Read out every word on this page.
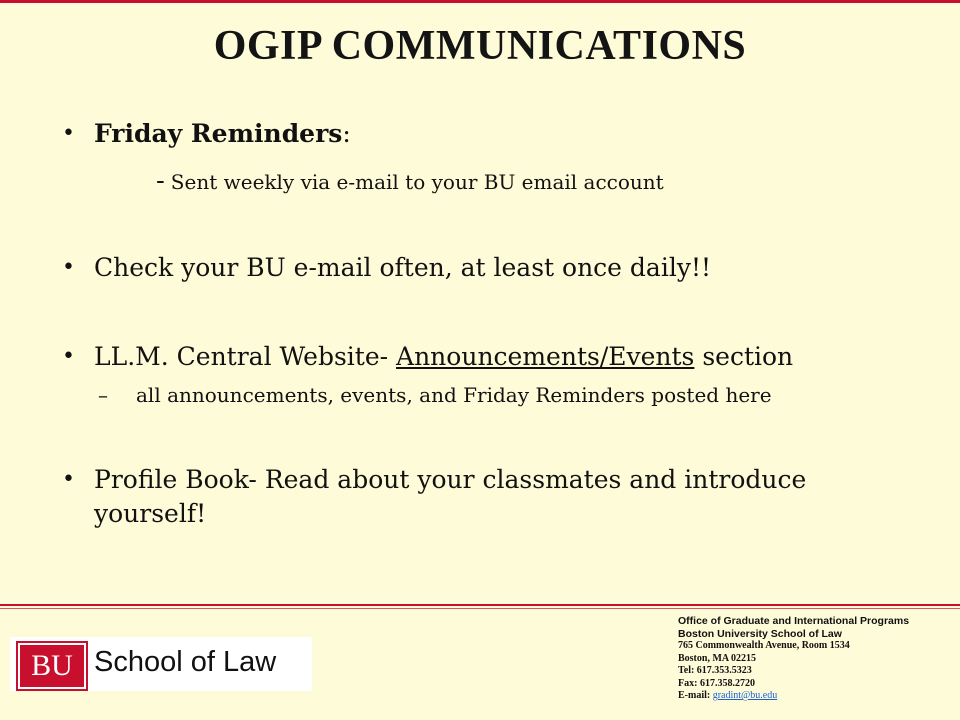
OGIP COMMUNICATIONS
• Friday Reminders:
- Sent weekly via e-mail to your BU email account
• Check your BU e-mail often, at least once daily!!
• LL.M. Central Website- Announcements/Events section
– all announcements, events, and Friday Reminders posted here
• Profile Book- Read about your classmates and introduce yourself!
BU School of Law
Office of Graduate and International Programs
Boston University School of Law
765 Commonwealth Avenue, Room 1534
Boston, MA 02215
Tel: 617.353.5323
Fax: 617.358.2720
E-mail: gradint@bu.edu
